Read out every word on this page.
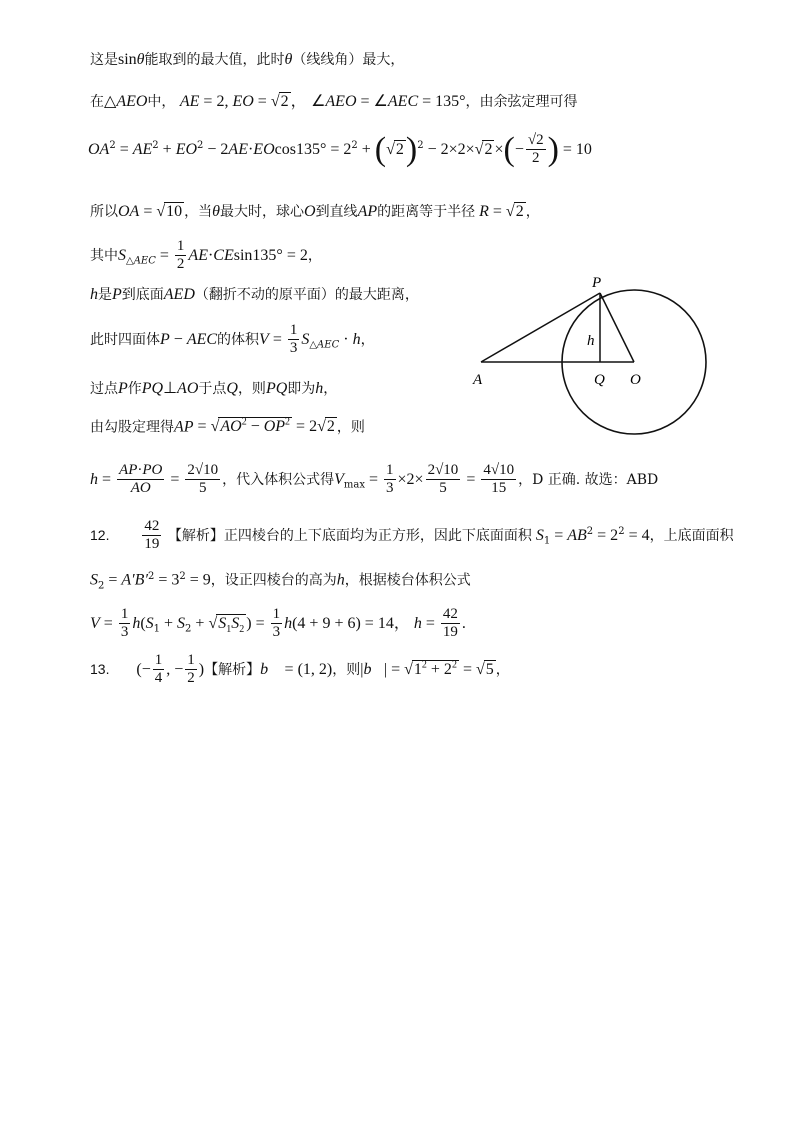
这是sinθ能取到的最大值，此时θ（线线角）最大，
在△AEO中， AE = 2, EO = √2 ， ∠AEO = ∠AEC = 135°，由余弦定理可得
$OA^2 = AE^2 + EO^2 - 2AE\cdot EOcos135^\circ = 2^2 + (√2)^2 - 2\times 2\times√2$ ×(− $\frac{√2}{2}$ ) = 10
所以OA = √10 ，当θ最大时，球心O到直线AP的距离等于半径 R = √2 ，
其中$S_{\triangle AEC} = \frac{1}{2} AE\cdot CEsin135^\circ = 2$，
h是P到底面AED（翻折不动的原平面）的最大距离，
此时四面体P − AEC的体积$V = \frac{1}{3} S_{\triangle AEC} \cdot h$，
过点P作PQ⊥AO于点Q，则PQ即为h，
由勾股定理得AP = $√AO^2 - OP^2 = 2√2$ ，则
$h = \frac{AP\cdot PO}{AO} = \frac{2√10}{5}$ ，代入体积公式得$V_{max} = \frac{1}{3} \times 2\times \frac{2√10}{5} = \frac{4√10}{15}$ ，D 正确. 故选：ABD
12. $\frac{42}{19}$ 【解析】正四棱台的上下底面均为正方形，因此下底面面积 $S_1 = AB^2 = 2^2 = 4$，上底面面积
$S_2 = A'B'^2 = 3^2 = 9$，设正四棱台的高为h，根据棱台体积公式
$V = \frac{1}{3} h(S_1 + S_2 + √S_1S_2$ ) = $\frac{1}{3} h(4 + 9 + 6) = 14$， $h = \frac{42}{19}$ .
13. (− $\frac{1}{4}$ , − $\frac{1}{2}$ )【解析】b⃗ = (1, 2)，则|b⃗| = $√1^2 + 2^2 = √5$ ，
P
h
A	Q O
